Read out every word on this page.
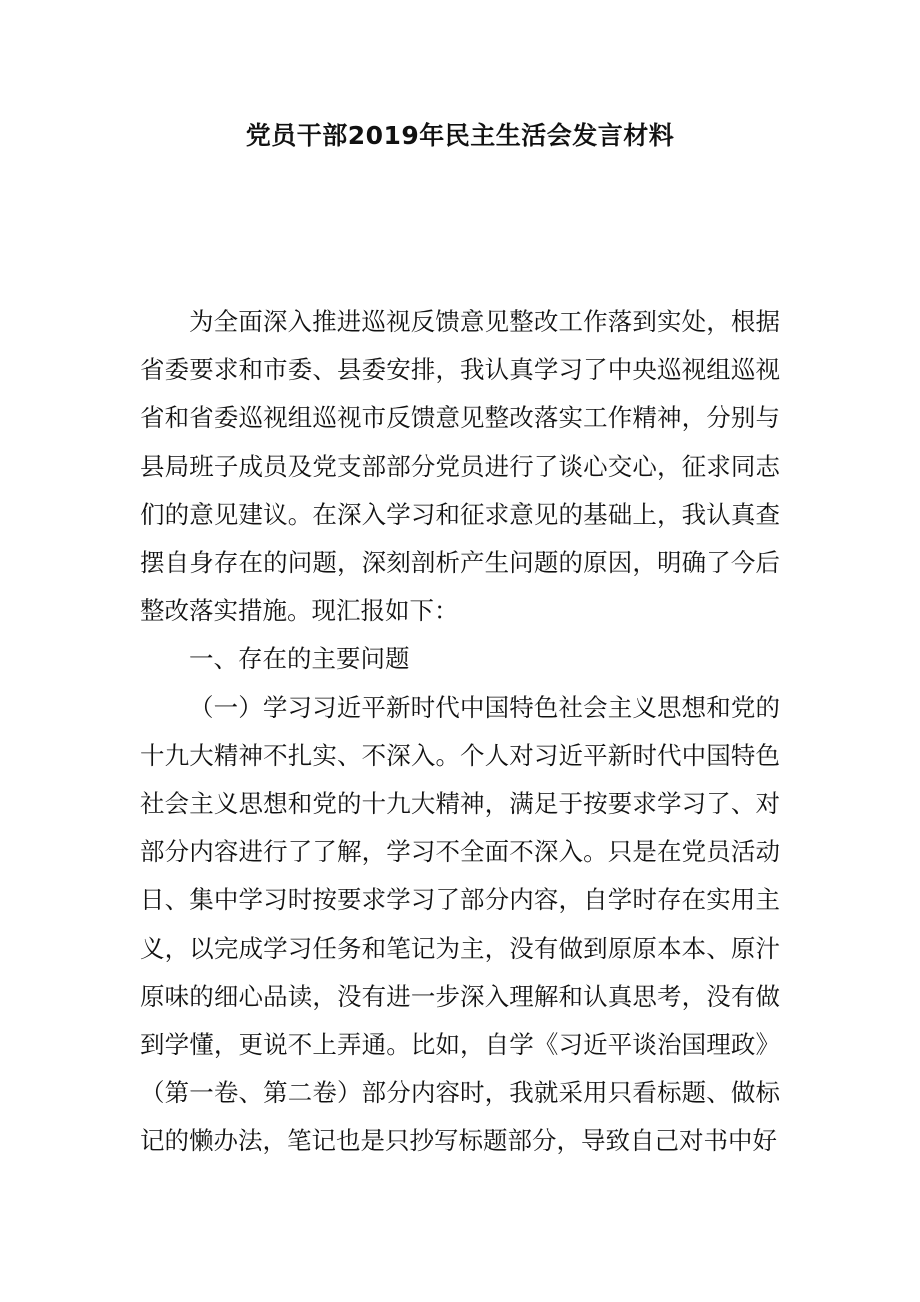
党员干部2019年民主生活会发言材料

为全面深入推进巡视反馈意见整改工作落到实处，根据省委要求和市委、县委安排，我认真学习了中央巡视组巡视省和省委巡视组巡视市反馈意见整改落实工作精神，分别与县局班子成员及党支部部分党员进行了谈心交心，征求同志们的意见建议。在深入学习和征求意见的基础上，我认真查摆自身存在的问题，深刻剖析产生问题的原因，明确了今后整改落实措施。现汇报如下：

一、存在的主要问题

（一）学习习近平新时代中国特色社会主义思想和党的十九大精神不扎实、不深入。个人对习近平新时代中国特色社会主义思想和党的十九大精神，满足于按要求学习了、对部分内容进行了了解，学习不全面不深入。只是在党员活动日、集中学习时按要求学习了部分内容，自学时存在实用主义，以完成学习任务和笔记为主，没有做到原原本本、原汁原味的细心品读，没有进一步深入理解和认真思考，没有做到学懂，更说不上弄通。比如，自学《习近平谈治国理政》（第一卷、第二卷）部分内容时，我就采用只看标题、做标记的懒办法，笔记也是只抄写标题部分，导致自己对书中好
